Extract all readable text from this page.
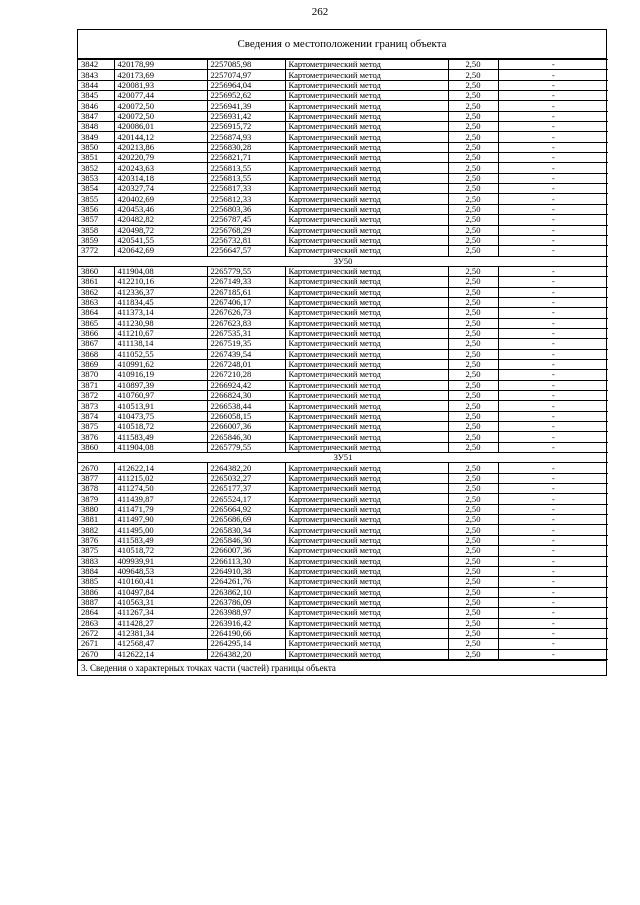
262
Сведения о местоположении границ объекта
3842	420178,99	2257085,98	Картометрический метод	2,50	-
3843	420173,69	2257074,97	Картометрический метод	2,50	-
3844	420081,93	2256964,04	Картометрический метод	2,50	-
3845	420077,44	2256952,62	Картометрический метод	2,50	-
3846	420072,50	2256941,39	Картометрический метод	2,50	-
3847	420072,50	2256931,42	Картометрический метод	2,50	-
3848	420086,01	2256915,72	Картометрический метод	2,50	-
3849	420144,12	2256874,93	Картометрический метод	2,50	-
3850	420213,86	2256830,28	Картометрический метод	2,50	-
3851	420220,79	2256821,71	Картометрический метод	2,50	-
3852	420243,63	2256813,55	Картометрический метод	2,50	-
3853	420314,18	2256813,55	Картометрический метод	2,50	-
3854	420327,74	2256817,33	Картометрический метод	2,50	-
3855	420402,69	2256812,33	Картометрический метод	2,50	-
3856	420453,46	2256803,36	Картометрический метод	2,50	-
3857	420482,82	2256787,45	Картометрический метод	2,50	-
3858	420498,72	2256768,29	Картометрический метод	2,50	-
3859	420541,55	2256732,81	Картометрический метод	2,50	-
3772	420642,69	2256647,57	Картометрический метод	2,50	-
ЗУ50					
3860	411904,08	2265779,55	Картометрический метод	2,50	-
3861	412210,16	2267149,33	Картометрический метод	2,50	-
3862	412336,37	2267185,61	Картометрический метод	2,50	-
3863	411834,45	2267406,17	Картометрический метод	2,50	-
3864	411373,14	2267626,73	Картометрический метод	2,50	-
3865	411230,98	2267623,83	Картометрический метод	2,50	-
3866	411210,67	2267535,31	Картометрический метод	2,50	-
3867	411138,14	2267519,35	Картометрический метод	2,50	-
3868	411052,55	2267439,54	Картометрический метод	2,50	-
3869	410991,62	2267248,01	Картометрический метод	2,50	-
3870	410916,19	2267210,28	Картометрический метод	2,50	-
3871	410897,39	2266924,42	Картометрический метод	2,50	-
3872	410760,97	2266824,30	Картометрический метод	2,50	-
3873	410513,91	2266538,44	Картометрический метод	2,50	-
3874	410473,75	2266058,15	Картометрический метод	2,50	-
3875	410518,72	2266007,36	Картометрический метод	2,50	-
3876	411583,49	2265846,30	Картометрический метод	2,50	-
3860	411904,08	2265779,55	Картометрический метод	2,50	-
ЗУ51					
2670	412622,14	2264382,20	Картометрический метод	2,50	-
3877	411215,02	2265032,27	Картометрический метод	2,50	-
3878	411274,50	2265177,37	Картометрический метод	2,50	-
3879	411439,87	2265524,17	Картометрический метод	2,50	-
3880	411471,79	2265664,92	Картометрический метод	2,50	-
3881	411497,90	2265686,69	Картометрический метод	2,50	-
3882	411495,00	2265830,34	Картометрический метод	2,50	-
3876	411583,49	2265846,30	Картометрический метод	2,50	-
3875	410518,72	2266007,36	Картометрический метод	2,50	-
3883	409939,91	2266113,30	Картометрический метод	2,50	-
3884	409648,53	2264910,38	Картометрический метод	2,50	-
3885	410160,41	2264261,76	Картометрический метод	2,50	-
3886	410497,84	2263862,10	Картометрический метод	2,50	-
3887	410563,31	2263786,09	Картометрический метод	2,50	-
2864	411267,34	2263988,97	Картометрический метод	2,50	-
2863	411428,27	2263916,42	Картометрический метод	2,50	-
2672	412381,34	2264190,66	Картометрический метод	2,50	-
2671	412568,47	2264295,14	Картометрический метод	2,50	-
2670	412622,14	2264382,20	Картометрический метод	2,50	-
3. Сведения о характерных точках части (частей) границы объекта
